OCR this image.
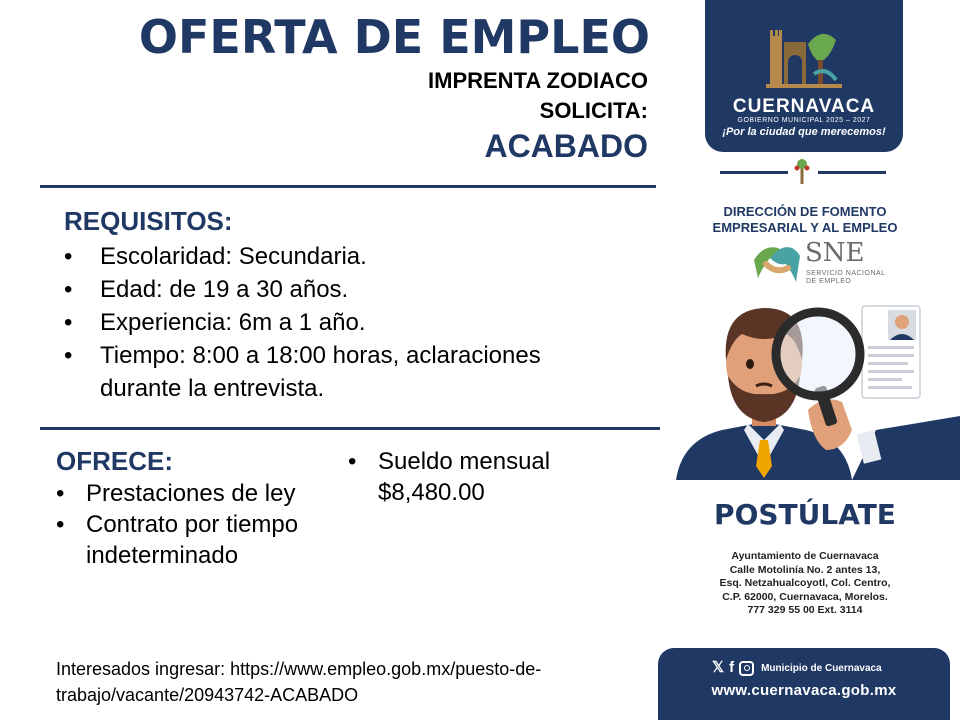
OFERTA DE EMPLEO
IMPRENTA ZODIACO
SOLICITA:
ACABADO
REQUISITOS:
• Escolaridad: Secundaria.
• Edad: de 19 a 30 años.
• Experiencia: 6m a 1 año.
• Tiempo: 8:00 a 18:00 horas, aclaraciones durante la entrevista.
OFRECE:
• Prestaciones de ley
• Contrato por tiempo indeterminado
• Sueldo mensual $8,480.00
Interesados ingresar: https://www.empleo.gob.mx/puesto-de-trabajo/vacante/20943742-ACABADO
CUERNAVACA
GOBIERNO MUNICIPAL 2025 – 2027
¡Por la ciudad que merecemos!
DIRECCIÓN DE FOMENTO EMPRESARIAL Y AL EMPLEO
SNE
SERVICIO NACIONAL
DE EMPLEO
POSTÚLATE
Ayuntamiento de Cuernavaca
Calle Motolinía No. 2 antes 13,
Esq. Netzahualcoyotl, Col. Centro,
C.P. 62000, Cuernavaca, Morelos.
777 329 55 00 Ext. 3114
𝕏 f	Municipio de Cuernavaca
www.cuernavaca.gob.mx
